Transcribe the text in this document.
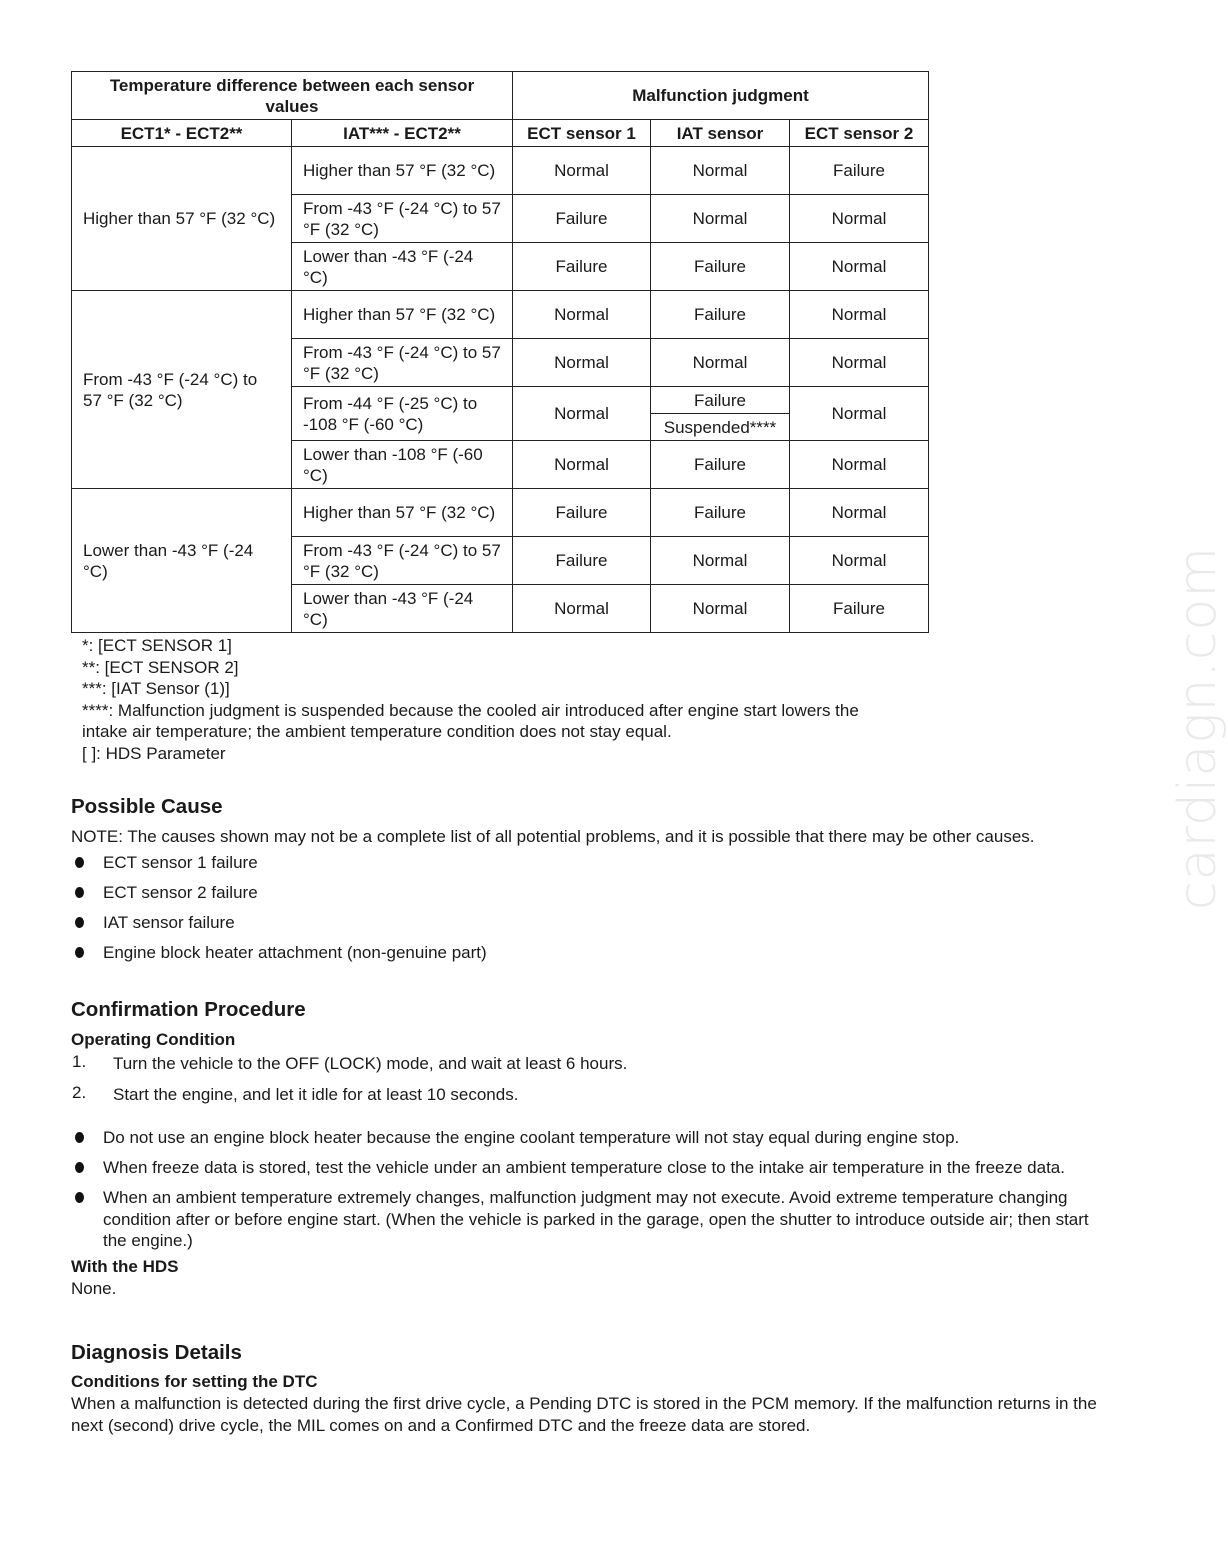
Temperature difference between each sensor values		Malfunction judgment		
ECT1* - ECT2**	IAT*** - ECT2**	ECT sensor 1	IAT sensor	ECT sensor 2
Higher than 57 °F (32 °C)	Higher than 57 °F (32 °C)	Normal	Normal	Failure
	From -43 °F (-24 °C) to 57 °F (32 °C)	Failure	Normal	Normal
	Lower than -43 °F (-24 °C)	Failure	Failure	Normal
From -43 °F (-24 °C) to 57 °F (32 °C)	Higher than 57 °F (32 °C)	Normal	Failure	Normal
	From -43 °F (-24 °C) to 57 °F (32 °C)	Normal	Normal	Normal
	From -44 °F (-25 °C) to -108 °F (-60 °C)	Normal	Failure	Normal
			Suspended****	
	Lower than -108 °F (-60 °C)	Normal	Failure	Normal
Lower than -43 °F (-24 °C)	Higher than 57 °F (32 °C)	Failure	Failure	Normal
	From -43 °F (-24 °C) to 57 °F (32 °C)	Failure	Normal	Normal
	Lower than -43 °F (-24 °C)	Normal	Normal	Failure
*: [ECT SENSOR 1]
**: [ECT SENSOR 2]
***: [IAT Sensor (1)]
****: Malfunction judgment is suspended because the cooled air introduced after engine start lowers the intake air temperature; the ambient temperature condition does not stay equal.
[ ]: HDS Parameter
Possible Cause

NOTE: The causes shown may not be a complete list of all potential problems, and it is possible that there may be other causes.

ECT sensor 1 failure
ECT sensor 2 failure
IAT sensor failure
Engine block heater attachment (non-genuine part)
Confirmation Procedure
Operating Condition
1. Turn the vehicle to the OFF (LOCK) mode, and wait at least 6 hours.
2. Start the engine, and let it idle for at least 10 seconds.
Do not use an engine block heater because the engine coolant temperature will not stay equal during engine stop.
When freeze data is stored, test the vehicle under an ambient temperature close to the intake air temperature in the freeze data.
When an ambient temperature extremely changes, malfunction judgment may not execute. Avoid extreme temperature changing condition after or before engine start. (When the vehicle is parked in the garage, open the shutter to introduce outside air; then start the engine.)
With the HDS

None.

Diagnosis Details
Conditions for setting the DTC

When a malfunction is detected during the first drive cycle, a Pending DTC is stored in the PCM memory. If the malfunction returns in the next (second) drive cycle, the MIL comes on and a Confirmed DTC and the freeze data are stored.

cardiagn.com
